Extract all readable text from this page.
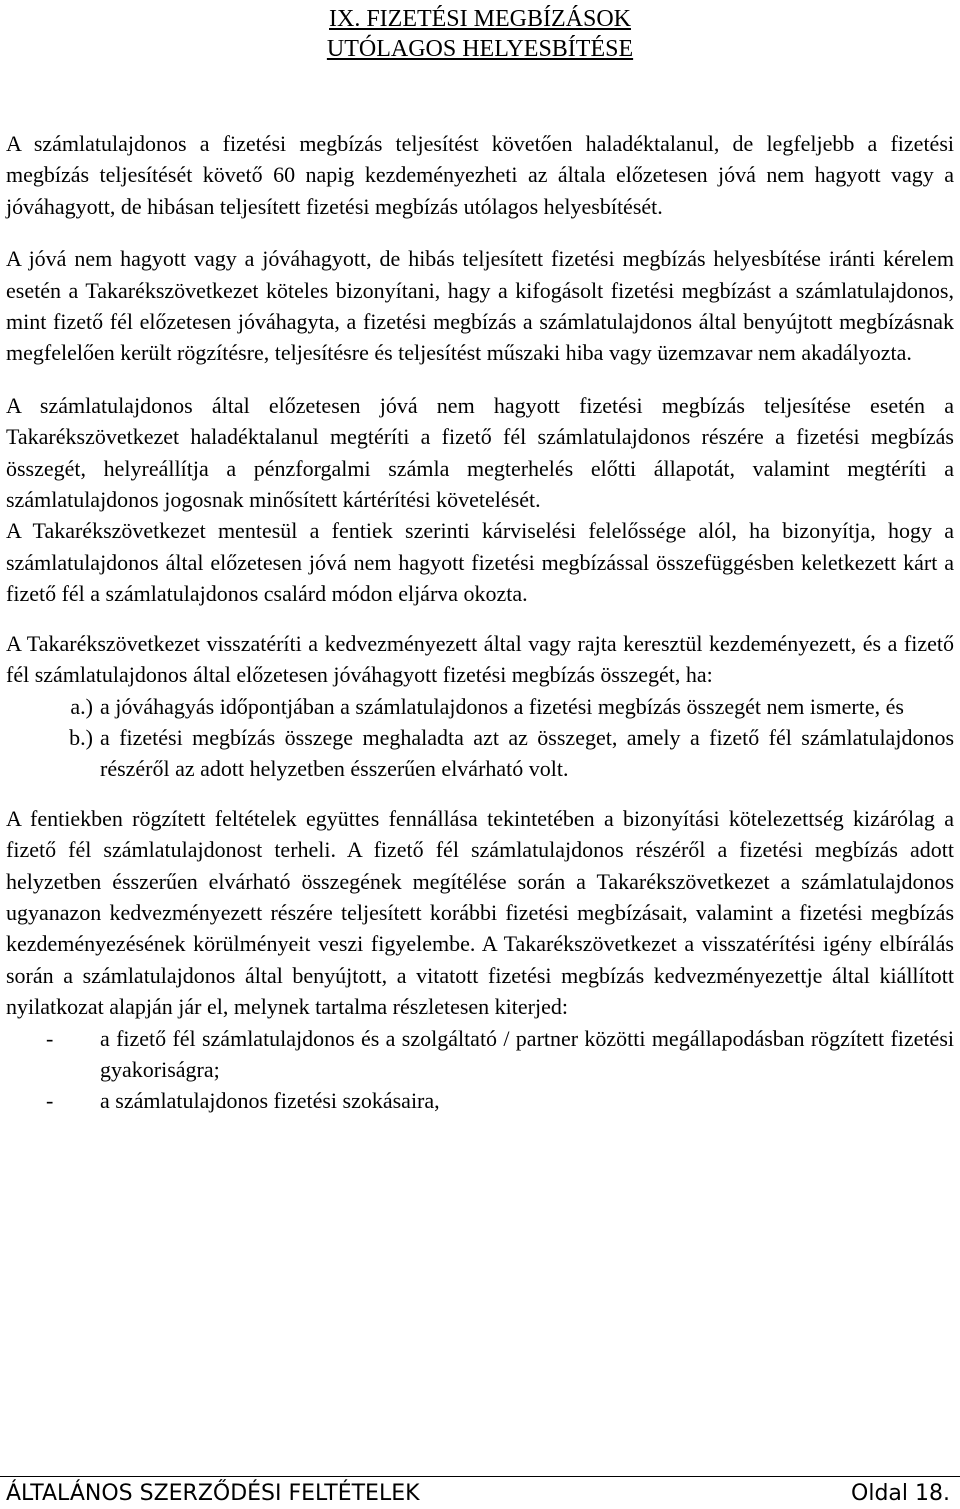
IX. FIZETÉSI MEGBÍZÁSOK
UTÓLAGOS HELYESBÍTÉSE

A számlatulajdonos a fizetési megbízás teljesítést követően haladéktalanul, de legfeljebb a fizetési megbízás teljesítését követő 60 napig kezdeményezheti az általa előzetesen jóvá nem hagyott vagy a jóváhagyott, de hibásan teljesített fizetési megbízás utólagos helyesbítését.

A jóvá nem hagyott vagy a jóváhagyott, de hibás teljesített fizetési megbízás helyesbítése iránti kérelem esetén a Takarékszövetkezet köteles bizonyítani, hagy a kifogásolt fizetési megbízást a számlatulajdonos, mint fizető fél előzetesen jóváhagyta, a fizetési megbízás a számlatulajdonos által benyújtott megbízásnak megfelelően került rögzítésre, teljesítésre és teljesítést műszaki hiba vagy üzemzavar nem akadályozta.

A számlatulajdonos által előzetesen jóvá nem hagyott fizetési megbízás teljesítése esetén a Takarékszövetkezet haladéktalanul megtéríti a fizető fél számlatulajdonos részére a fizetési megbízás összegét, helyreállítja a pénzforgalmi számla megterhelés előtti állapotát, valamint megtéríti a számlatulajdonos jogosnak minősített kártérítési követelését.

A Takarékszövetkezet mentesül a fentiek szerinti kárviselési felelőssége alól, ha bizonyítja, hogy a számlatulajdonos által előzetesen jóvá nem hagyott fizetési megbízással összefüggésben keletkezett kárt a fizető fél a számlatulajdonos csalárd módon eljárva okozta.

A Takarékszövetkezet visszatéríti a kedvezményezett által vagy rajta keresztül kezdeményezett, és a fizető fél számlatulajdonos által előzetesen jóváhagyott fizetési megbízás összegét, ha:

a.) a jóváhagyás időpontjában a számlatulajdonos a fizetési megbízás összegét nem ismerte, és
b.) a fizetési megbízás összege meghaladta azt az összeget, amely a fizető fél számlatulajdonos részéről az adott helyzetben ésszerűen elvárható volt.

A fentiekben rögzített feltételek együttes fennállása tekintetében a bizonyítási kötelezettség kizárólag a fizető fél számlatulajdonost terheli. A fizető fél számlatulajdonos részéről a fizetési megbízás adott helyzetben ésszerűen elvárható összegének megítélése során a Takarékszövetkezet a számlatulajdonos ugyanazon kedvezményezett részére teljesített korábbi fizetési megbízásait, valamint a fizetési megbízás kezdeményezésének körülményeit veszi figyelembe. A Takarékszövetkezet a visszatérítési igény elbírálás során a számlatulajdonos által benyújtott, a vitatott fizetési megbízás kedvezményezettje által kiállított nyilatkozat alapján jár el, melynek tartalma részletesen kiterjed:

-	a fizető fél számlatulajdonos és a szolgáltató / partner közötti megállapodásban rögzített fizetési gyakoriságra;
-	a számlatulajdonos fizetési szokásaira,
ÁLTALÁNOS SZERZŐDÉSI FELTÉTELEK	Oldal 18.
